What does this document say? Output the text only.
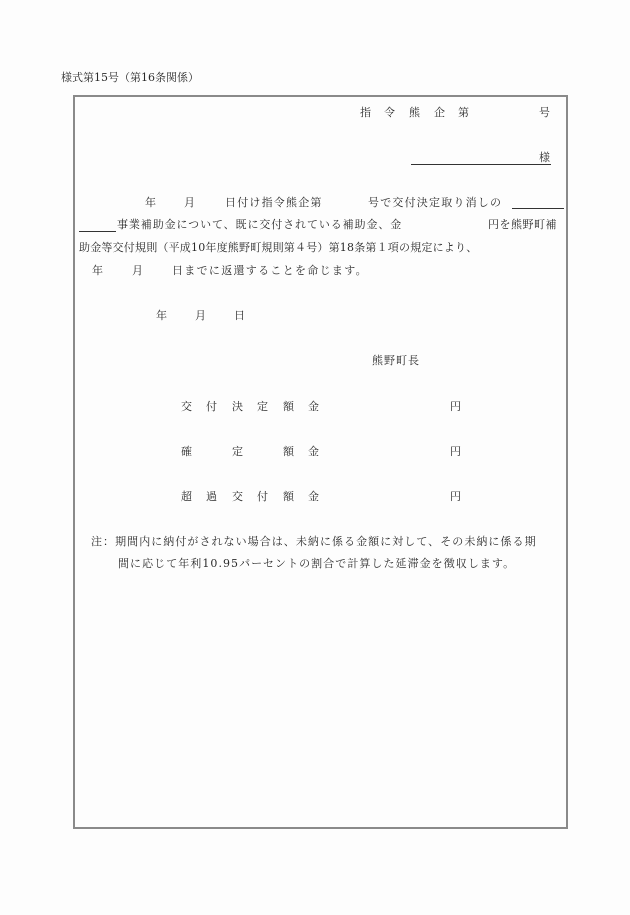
様式第15号（第16条関係）
指 令 熊 企 第	号
様
年	月	日付け指令熊企第	号で交付決定取り消しの
事業補助金について、既に交付されている補助金、金	円を熊野町補
助金等交付規則（平成10年度熊野町規則第４号）第18条第１項の規定により、
年	月	日までに返還することを命じます。
年	月	日
熊野町長
交 付 決 定 額 金	円
確	定	額 金	円
超 過 交 付 額 金	円
注：期間内に納付がされない場合は、未納に係る金額に対して、その未納に係る期
間に応じて年利10.95パーセントの割合で計算した延滞金を徴収します。
